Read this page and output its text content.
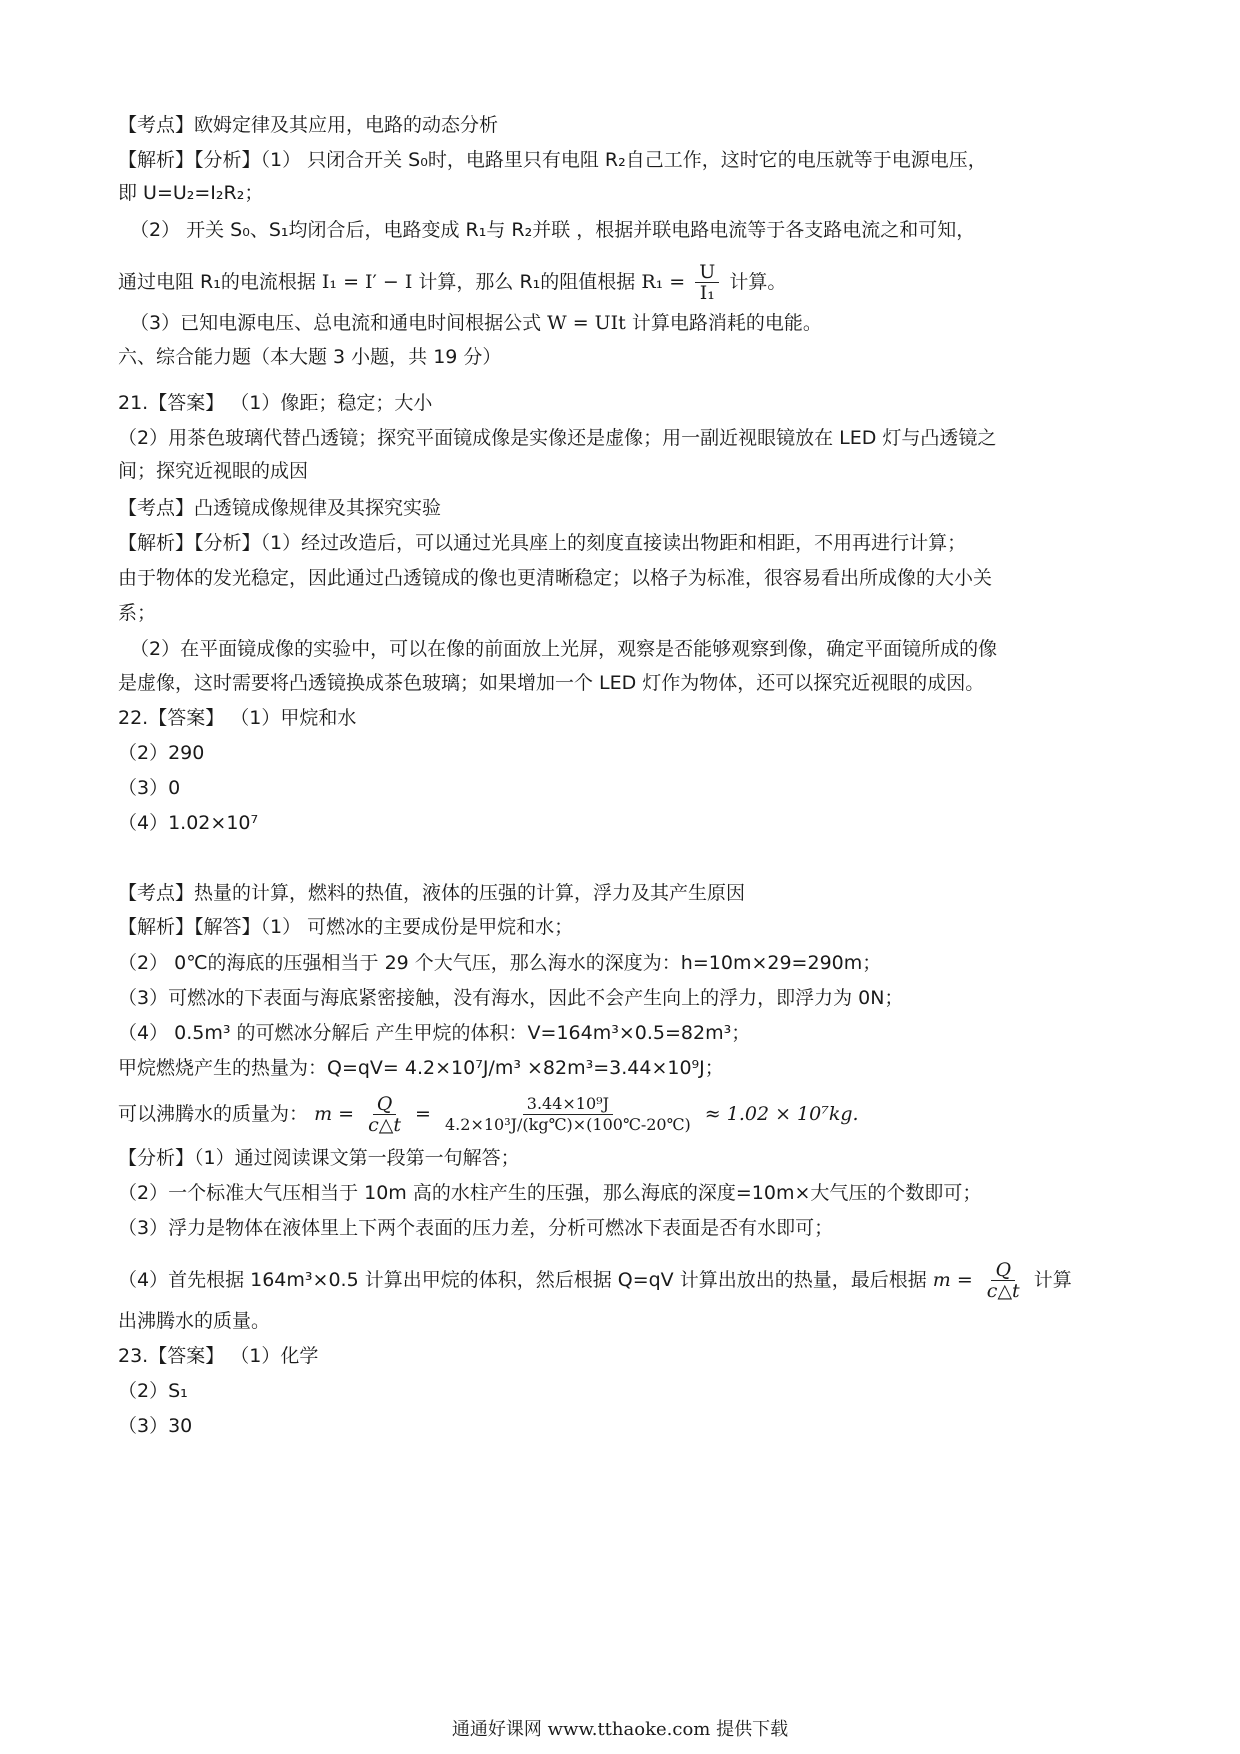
【考点】欧姆定律及其应用，电路的动态分析
【解析】【分析】（1） 只闭合开关 S₀时，电路里只有电阻 R₂自己工作，这时它的电压就等于电源电压，
即 U=U₂=I₂R₂；
（2） 开关 S₀、S₁均闭合后，电路变成 R₁与 R₂并联 ，根据并联电路电流等于各支路电流之和可知，
通过电阻 R₁的电流根据 I₁ = I′ − I 计算，那么 R₁的阻值根据 $R_1 = \frac{U}{\text{I₁}}$ 计算。
（3）已知电源电压、总电流和通电时间根据公式 W = UIt 计算电路消耗的电能。
六、综合能力题（本大题 3 小题，共 19 分）
21.【答案】 （1）像距；稳定；大小
（2）用茶色玻璃代替凸透镜；探究平面镜成像是实像还是虚像；用一副近视眼镜放在 LED 灯与凸透镜之
间；探究近视眼的成因
【考点】凸透镜成像规律及其探究实验
【解析】【分析】（1）经过改造后，可以通过光具座上的刻度直接读出物距和相距，不用再进行计算；
由于物体的发光稳定，因此通过凸透镜成的像也更清晰稳定；以格子为标准，很容易看出所成像的大小关
系；
（2）在平面镜成像的实验中，可以在像的前面放上光屏，观察是否能够观察到像，确定平面镜所成的像
是虚像，这时需要将凸透镜换成茶色玻璃；如果增加一个 LED 灯作为物体，还可以探究近视眼的成因。
22.【答案】 （1）甲烷和水
（2）290
（3）0
（4）1.02×10⁷
【考点】热量的计算，燃料的热值，液体的压强的计算，浮力及其产生原因
【解析】【解答】（1） 可燃冰的主要成份是甲烷和水；
（2） 0℃的海底的压强相当于 29 个大气压，那么海水的深度为：h=10m×29=290m；
（3）可燃冰的下表面与海底紧密接触，没有海水，因此不会产生向上的浮力，即浮力为 0N；
（4） 0.5m³ 的可燃冰分解后 产生甲烷的体积：V=164m³×0.5=82m³；
甲烷燃烧产生的热量为：Q=qV= 4.2×10⁷J/m³ ×82m³=3.44×10⁹J；
可以沸腾水的质量为： $m = \frac{Q}{c\triangle t} = \frac{\text{3.44×10⁹J}}{\text{4.2×10³J/(kg℃)×(100℃-20℃)}} \approx 1.02 \times 10^7kg$.
【分析】（1）通过阅读课文第一段第一句解答；
（2）一个标准大气压相当于 10m 高的水柱产生的压强，那么海底的深度=10m×大气压的个数即可；
（3）浮力是物体在液体里上下两个表面的压力差，分析可燃冰下表面是否有水即可；
（4）首先根据 164m³×0.5 计算出甲烷的体积，然后根据 Q=qV 计算出放出的热量，最后根据 $m = \frac{Q}{c\triangle t}$ 计算
出沸腾水的质量。
23.【答案】 （1）化学
（2）S₁
（3）30
通通好课网 www.tthaoke.com 提供下载
